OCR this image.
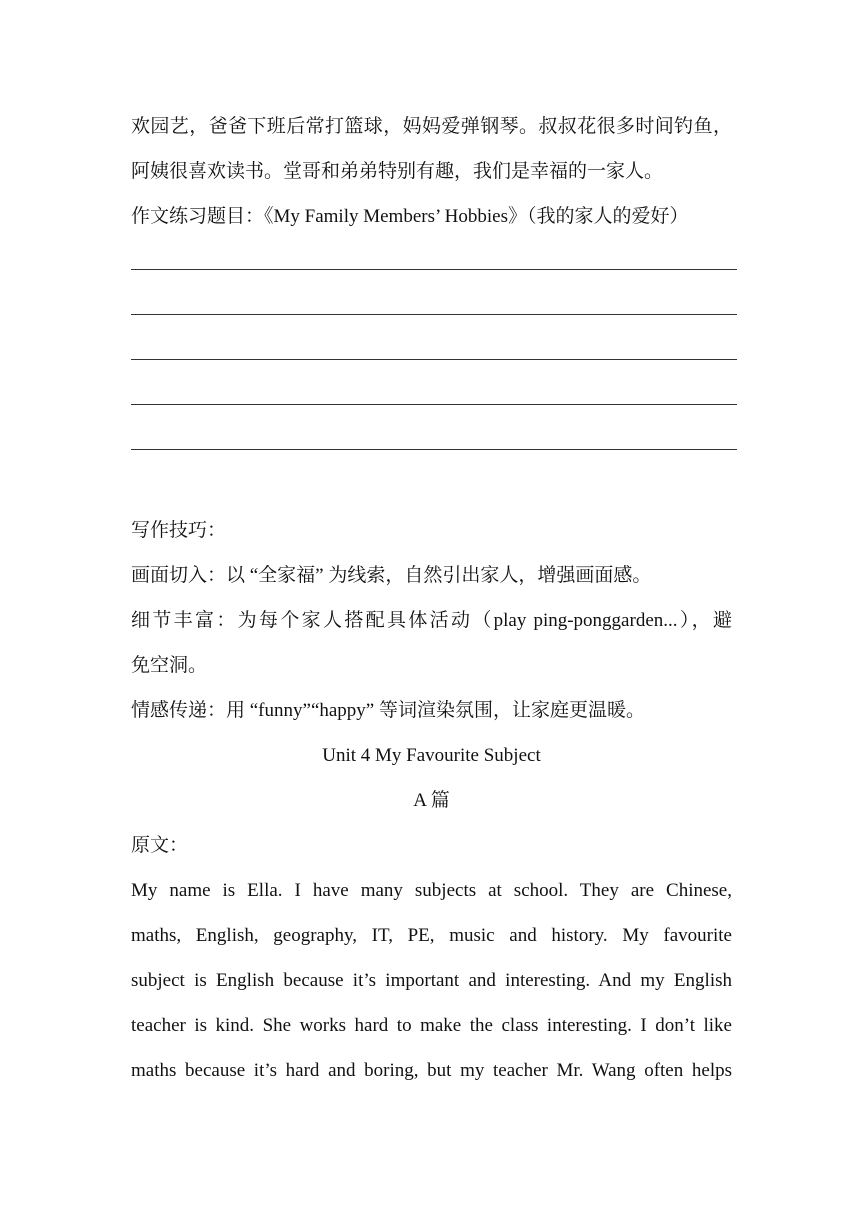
欢园艺，爸爸下班后常打篮球，妈妈爱弹钢琴。叔叔花很多时间钓鱼，
阿姨很喜欢读书。堂哥和弟弟特别有趣，我们是幸福的一家人。
作文练习题目：《My Family Members’ Hobbies》（我的家人的爱好）
写作技巧：
画面切入：以 “全家福” 为线索，自然引出家人，增强画面感。
细节丰富：为每个家人搭配具体活动（play ping-ponggarden...），避
免空洞。
情感传递：用 “funny”“happy” 等词渲染氛围，让家庭更温暖。
Unit 4 My Favourite Subject
A 篇
原文：
My name is Ella. I have many subjects at school. They are Chinese,
maths, English, geography, IT, PE, music and history. My favourite
subject is English because it’s important and interesting. And my English
teacher is kind. She works hard to make the class interesting. I don’t like
maths because it’s hard and boring, but my teacher Mr. Wang often helps
